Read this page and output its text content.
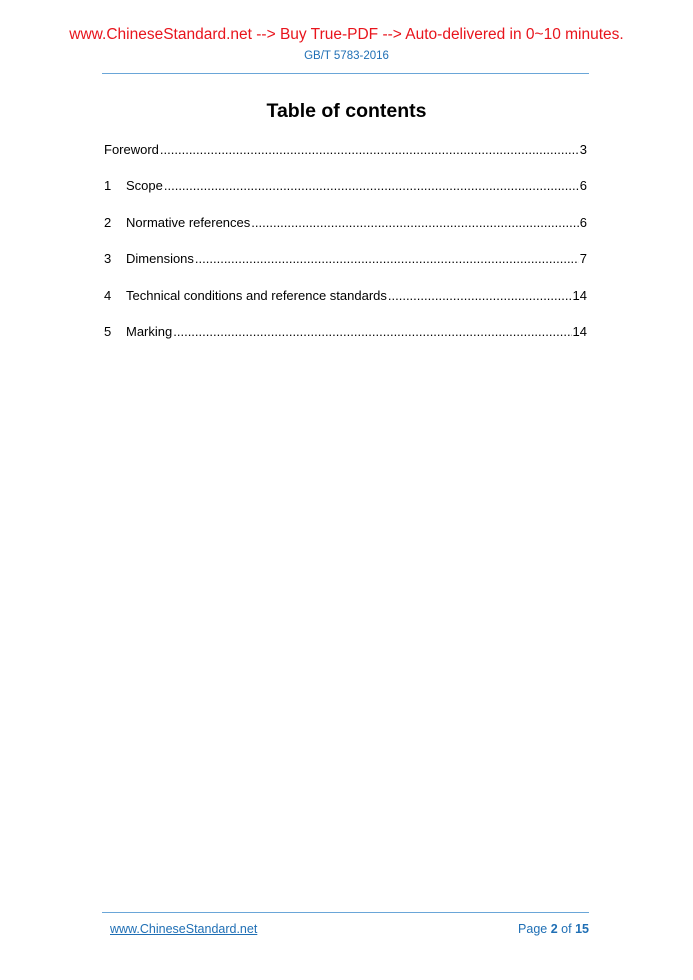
www.ChineseStandard.net --> Buy True-PDF --> Auto-delivered in 0~10 minutes.
GB/T 5783-2016
Table of contents
Foreword .....	3
1	Scope .....	6
2	Normative references .....	6
3	Dimensions .....	7
4	Technical conditions and reference standards .....	14
5	Marking .....	14
www.ChineseStandard.net	Page 2 of 15
